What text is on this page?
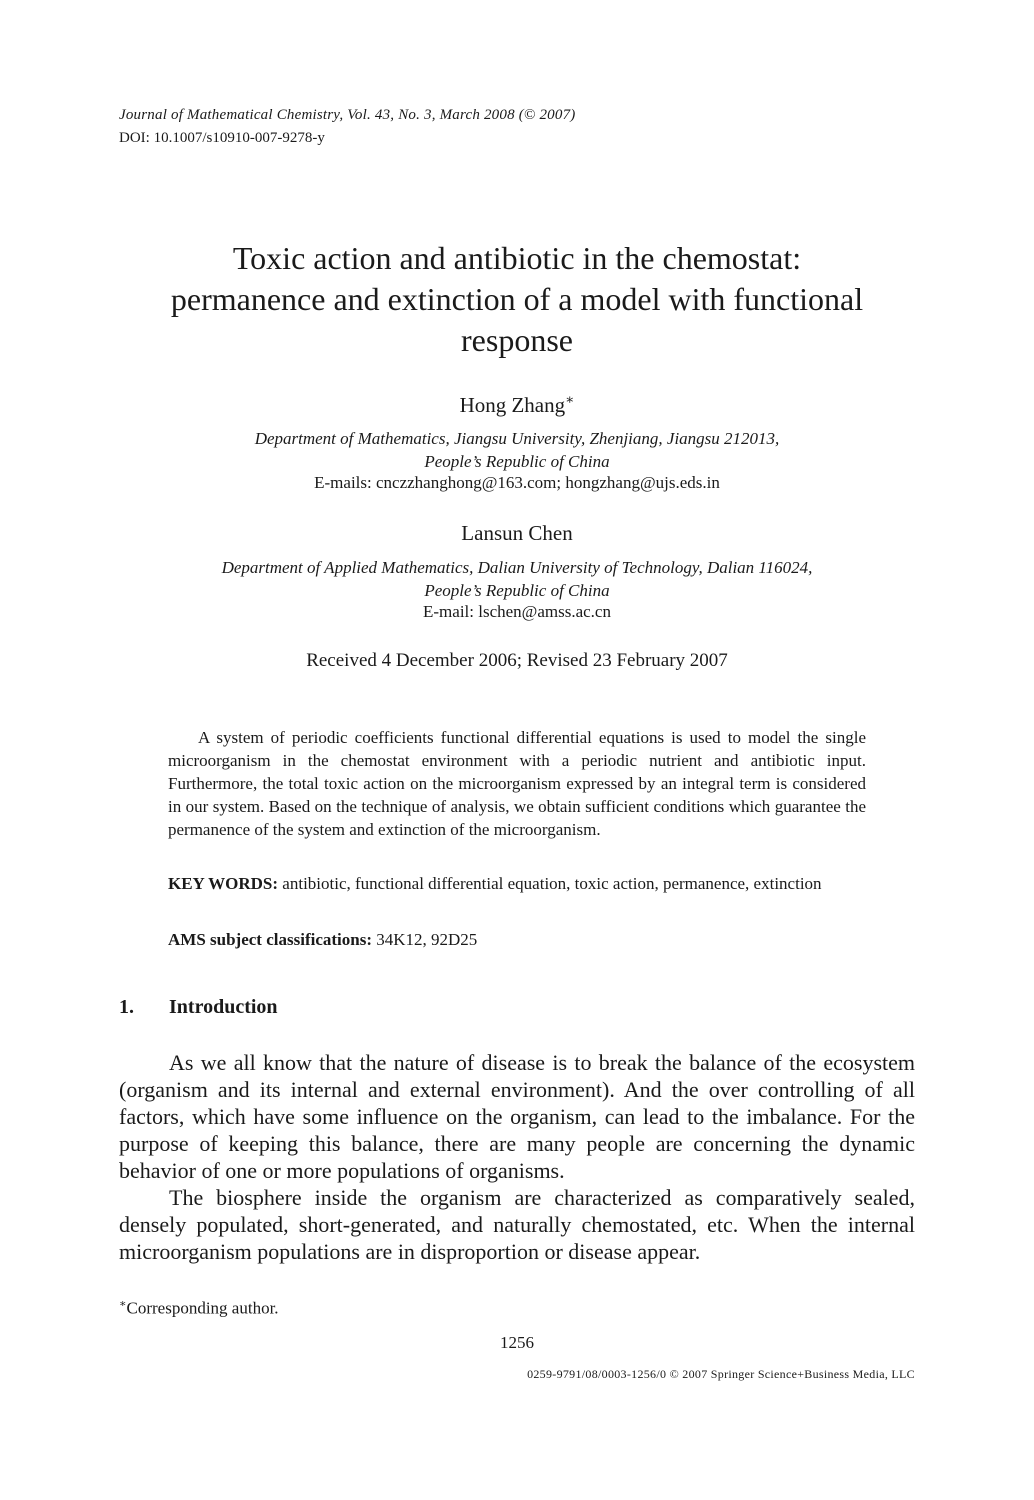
Journal of Mathematical Chemistry, Vol. 43, No. 3, March 2008 (© 2007)
DOI: 10.1007/s10910-007-9278-y
Toxic action and antibiotic in the chemostat:
permanence and extinction of a model with functional
response
Hong Zhang∗
Department of Mathematics, Jiangsu University, Zhenjiang, Jiangsu 212013,
People’s Republic of China
E-mails: cnczzhanghong@163.com; hongzhang@ujs.eds.in
Lansun Chen
Department of Applied Mathematics, Dalian University of Technology, Dalian 116024,
People’s Republic of China
E-mail: lschen@amss.ac.cn
Received 4 December 2006; Revised 23 February 2007

A system of periodic coefficients functional differential equations is used to model the single microorganism in the chemostat environment with a periodic nutrient and antibiotic input. Furthermore, the total toxic action on the microorganism expressed by an integral term is considered in our system. Based on the technique of analysis, we obtain sufficient conditions which guarantee the permanence of the system and extinction of the microorganism.

KEY WORDS: antibiotic, functional differential equation, toxic action, permanence, extinction

AMS subject classifications: 34K12, 92D25
1. Introduction

As we all know that the nature of disease is to break the balance of the ecosystem (organism and its internal and external environment). And the over controlling of all factors, which have some influence on the organism, can lead to the imbalance. For the purpose of keeping this balance, there are many people are concerning the dynamic behavior of one or more populations of organisms.

The biosphere inside the organism are characterized as comparatively sealed, densely populated, short-generated, and naturally chemostated, etc. When the internal microorganism populations are in disproportion or disease appear.

∗Corresponding author.
1256
0259-9791/08/0003-1256/0 © 2007 Springer Science+Business Media, LLC
